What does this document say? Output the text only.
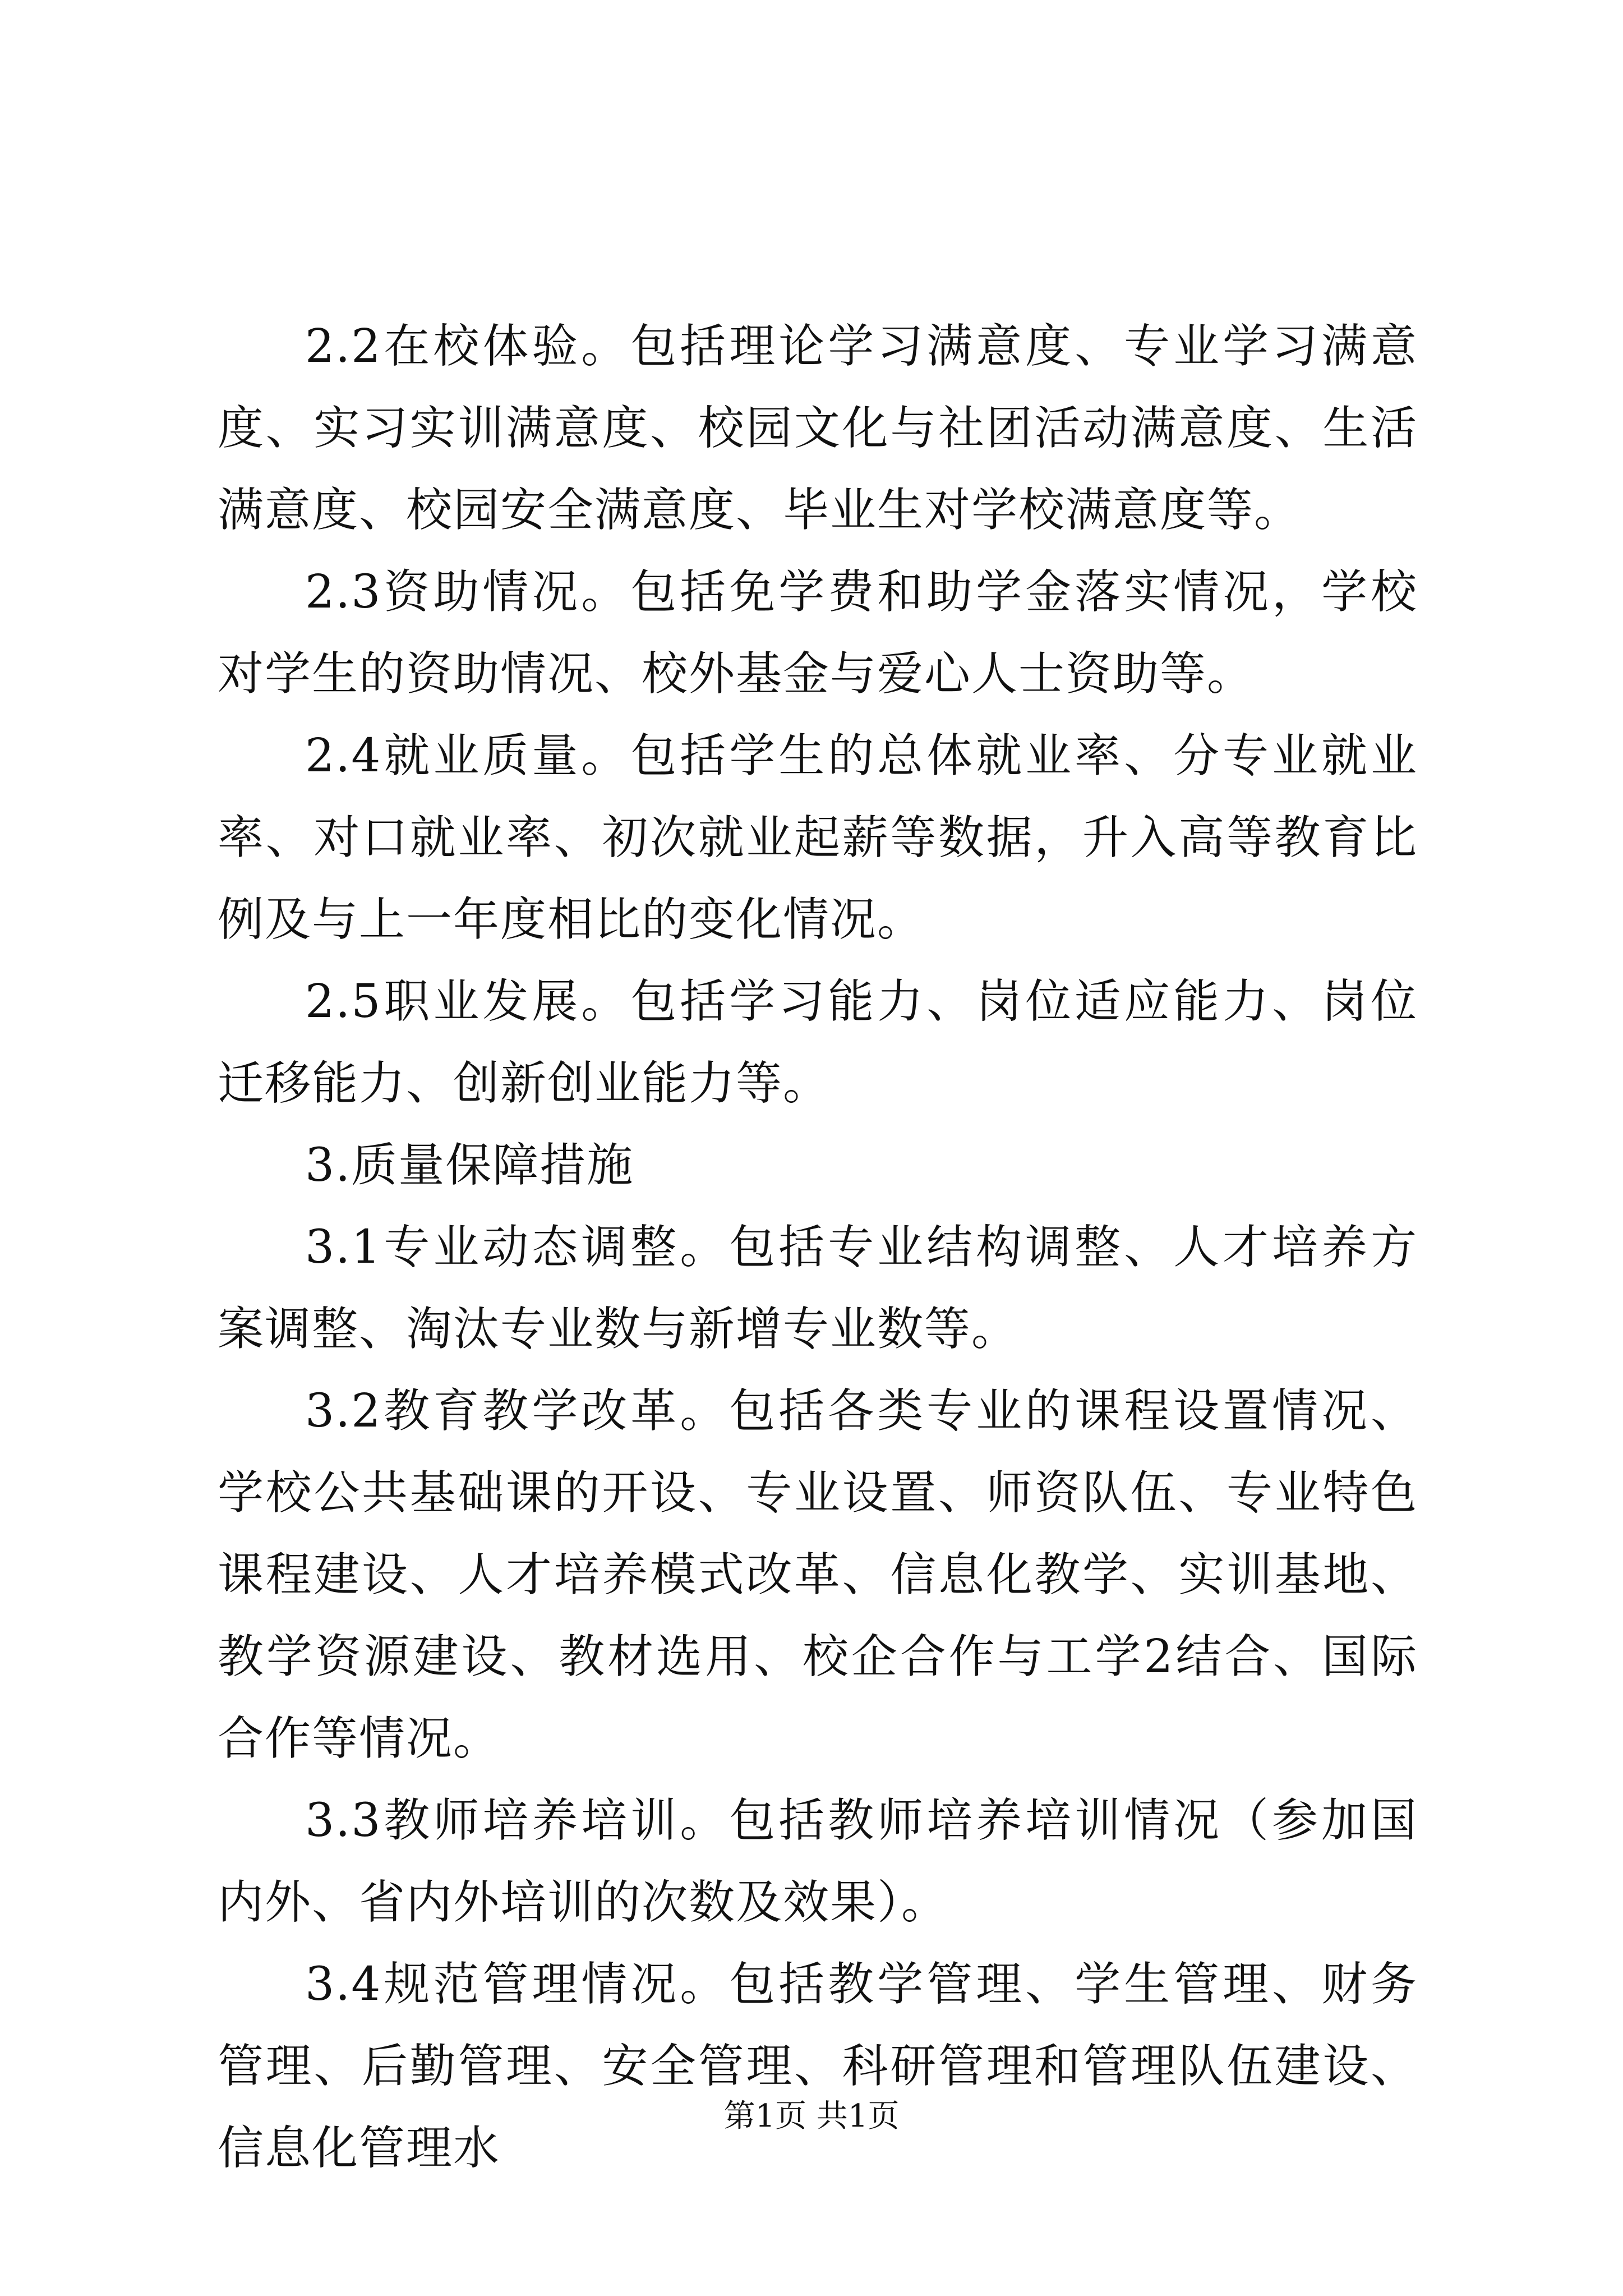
2.2在校体验。包括理论学习满意度、专业学习满意度、实习实训满意度、校园文化与社团活动满意度、生活满意度、校园安全满意度、毕业生对学校满意度等。

2.3资助情况。包括免学费和助学金落实情况，学校对学生的资助情况、校外基金与爱心人士资助等。

2.4就业质量。包括学生的总体就业率、分专业就业率、对口就业率、初次就业起薪等数据，升入高等教育比例及与上一年度相比的变化情况。

2.5职业发展。包括学习能力、岗位适应能力、岗位迁移能力、创新创业能力等。

3.质量保障措施

3.1专业动态调整。包括专业结构调整、人才培养方案调整、淘汰专业数与新增专业数等。

3.2教育教学改革。包括各类专业的课程设置情况、学校公共基础课的开设、专业设置、师资队伍、专业特色课程建设、人才培养模式改革、信息化教学、实训基地、教学资源建设、教材选用、校企合作与工学2结合、国际合作等情况。

3.3教师培养培训。包括教师培养培训情况（参加国内外、省内外培训的次数及效果）。

3.4规范管理情况。包括教学管理、学生管理、财务管理、后勤管理、安全管理、科研管理和管理队伍建设、信息化管理水

第1页 共1页
